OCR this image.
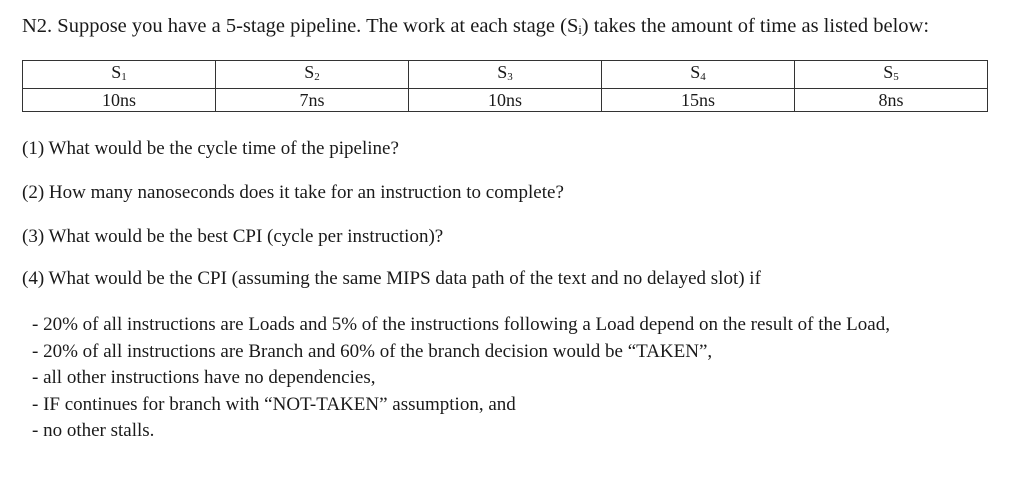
N2. Suppose you have a 5-stage pipeline. The work at each stage (Sᵢ) takes the amount of time as listed below:
$S_1$	$S_2$	$S_3$	$S_4$	$S_5$
10ns	7ns	10ns	15ns	8ns
(1) What would be the cycle time of the pipeline?
(2) How many nanoseconds does it take for an instruction to complete?
(3) What would be the best CPI (cycle per instruction)?
(4) What would be the CPI (assuming the same MIPS data path of the text and no delayed slot) if
- 20% of all instructions are Loads and 5% of the instructions following a Load depend on the result of the Load,
- 20% of all instructions are Branch and 60% of the branch decision would be “TAKEN”,
- all other instructions have no dependencies,
- IF continues for branch with “NOT-TAKEN” assumption, and
- no other stalls.
